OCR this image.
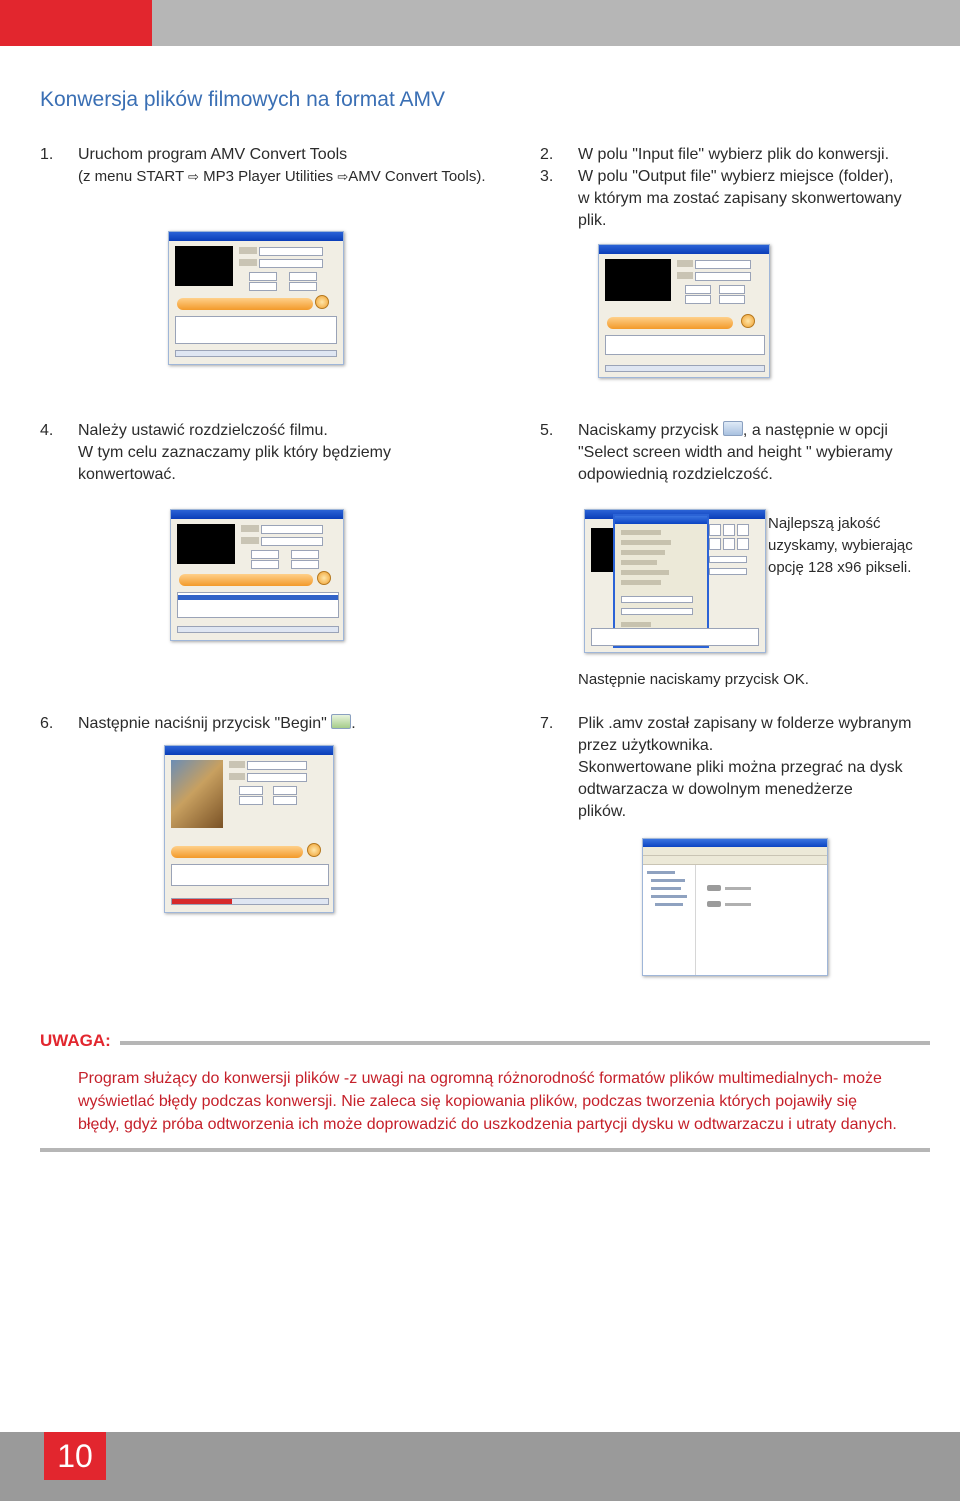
Konwersja plików filmowych na format AMV
1. Uruchom program AMV Convert Tools
(z menu START ⇨ MP3 Player Utilities ⇨AMV Convert Tools).
2.	W polu "Input file" wybierz plik do konwersji.
3. W polu "Output file" wybierz miejsce (folder),
w którym ma zostać zapisany skonwertowany
plik.
4. Należy ustawić rozdzielczość filmu.
W tym celu zaznaczamy plik który będziemy
konwertować.
5. Naciskamy przycisk , a następnie w opcji
"Select screen width and height " wybieramy
odpowiednią rozdzielczość.
Najlepszą jakość
uzyskamy, wybierając
opcję 128 x96 pikseli.
Następnie naciskamy przycisk OK.
6.	Następnie naciśnij przycisk "Begin" .	7. Plik .amv został zapisany w folderze wybranym
przez użytkownika.
Skonwertowane pliki można przegrać na dysk
odtwarzacza w dowolnym menedżerze
plików.
UWAGA:
Program służący do konwersji plików -z uwagi na ogromną różnorodność formatów plików multimedialnych- może
wyświetlać błędy podczas konwersji. Nie zaleca się kopiowania plików, podczas tworzenia których pojawiły się
błędy, gdyż próba odtworzenia ich może doprowadzić do uszkodzenia partycji dysku w odtwarzaczu i utraty danych.
10
